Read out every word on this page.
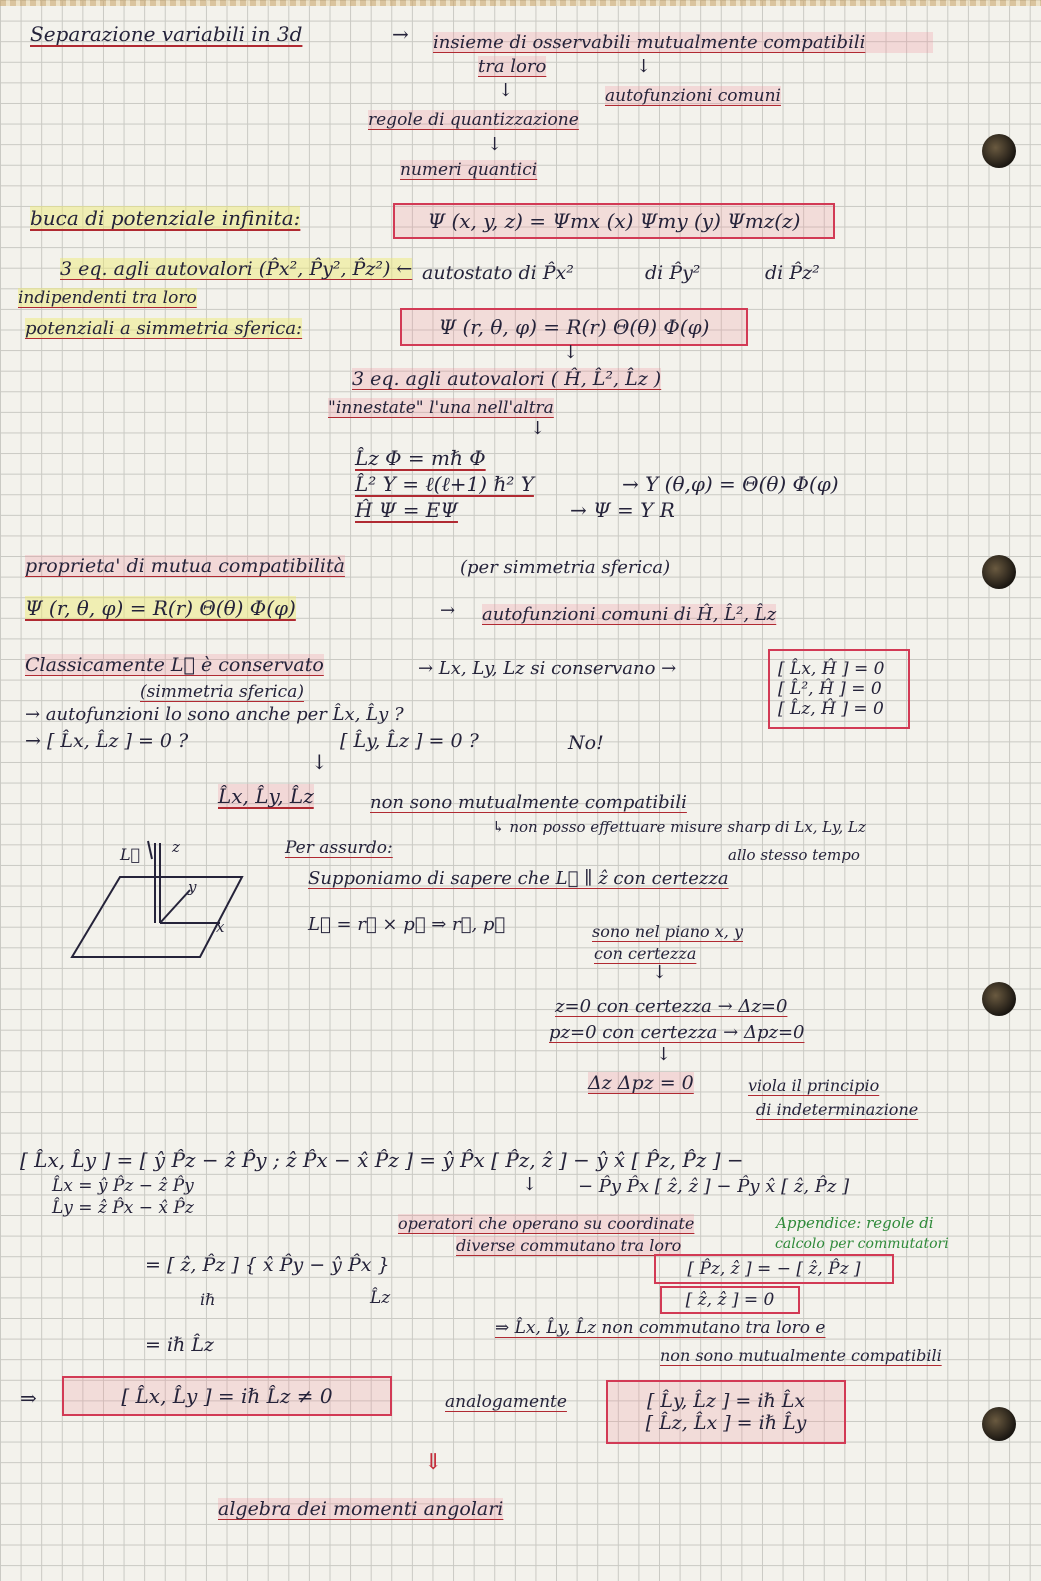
Separazione variabili in 3d	→ insieme di osservabili mutualmente compatibili
tra loro	↓
↓	autofunzioni comuni
regole di quantizzazione
↓
numeri quantici
buca di potenziale infinita:	Ψ (x, y, z) = Ψmx (x) Ψmy (y) Ψmz(z)
3 eq. agli autovalori (P̂x², P̂y², P̂z²) ← autostato di P̂x²	di P̂y²	di P̂z²
indipendenti tra loro
potenziali a simmetria sferica:	Ψ (r, θ, φ) = R(r) Θ(θ) Φ(φ)
↓
3 eq. agli autovalori ( Ĥ, L̂², L̂z )
"innestate" l'una nell'altra
↓
L̂z Φ = mℏ Φ
L̂² Y = ℓ(ℓ+1) ℏ² Y	→ Y (θ,φ) = Θ(θ) Φ(φ)
Ĥ Ψ = EΨ	→ Ψ = Y R
proprieta' di mutua compatibilità	(per simmetria sferica)
Ψ (r, θ, φ) = R(r) Θ(θ) Φ(φ)	→ autofunzioni comuni di Ĥ, L̂², L̂z
Classicamente L⃗ è conservato
(simmetria sferica)
→ Lx, Ly, Lz si conservano →	[ L̂x, Ĥ ] = 0
[ L̂², Ĥ ] = 0
[ L̂z, Ĥ ] = 0
→ autofunzioni lo sono anche per L̂x, L̂y ?
→ [ L̂x, L̂z ] = 0 ?	[ L̂y, L̂z ] = 0 ?	No!
↓
L̂x, L̂y, L̂z	non sono mutualmente compatibili
↳ non posso effettuare misure sharp di Lx, Ly, Lz
allo stesso tempo
z
y
x
L⃗	Per assurdo:
Supponiamo di sapere che L⃗ ∥ ẑ con certezza
L⃗ = r⃗ × p⃗ ⇒ r⃗, p⃗	sono nel piano x, y
con certezza
↓
z=0 con certezza → Δz=0
pz=0 con certezza → Δpz=0
↓
Δz Δpz = 0	viola il principio
di indeterminazione
[ L̂x, L̂y ] = [ ŷ P̂z − ẑ P̂y ; ẑ P̂x − x̂ P̂z ] = ŷ P̂x [ P̂z, ẑ ] − ŷ x̂ [ P̂z, P̂z ] −
↓ − P̂y P̂x [ ẑ, ẑ ] − P̂y x̂ [ ẑ, P̂z ]
L̂x = ŷ P̂z − ẑ P̂y
L̂y = ẑ P̂x − x̂ P̂z
operatori che operano su coordinate
diverse commutano tra loro
Appendice: regole di
calcolo per commutatori
= [ ẑ, P̂z ] { x̂ P̂y − ŷ P̂x }
iℏ	L̂z
[ P̂z, ẑ ] = − [ ẑ, P̂z ]
[ ẑ, ẑ ] = 0
= iℏ L̂z
⇒ L̂x, L̂y, L̂z non commutano tra loro e
non sono mutualmente compatibili
⇒	[ L̂x, L̂y ] = iℏ L̂z ≠ 0	analogamente	[ L̂y, L̂z ] = iℏ L̂x
[ L̂z, L̂x ] = iℏ L̂y
⇓
algebra dei momenti angolari
